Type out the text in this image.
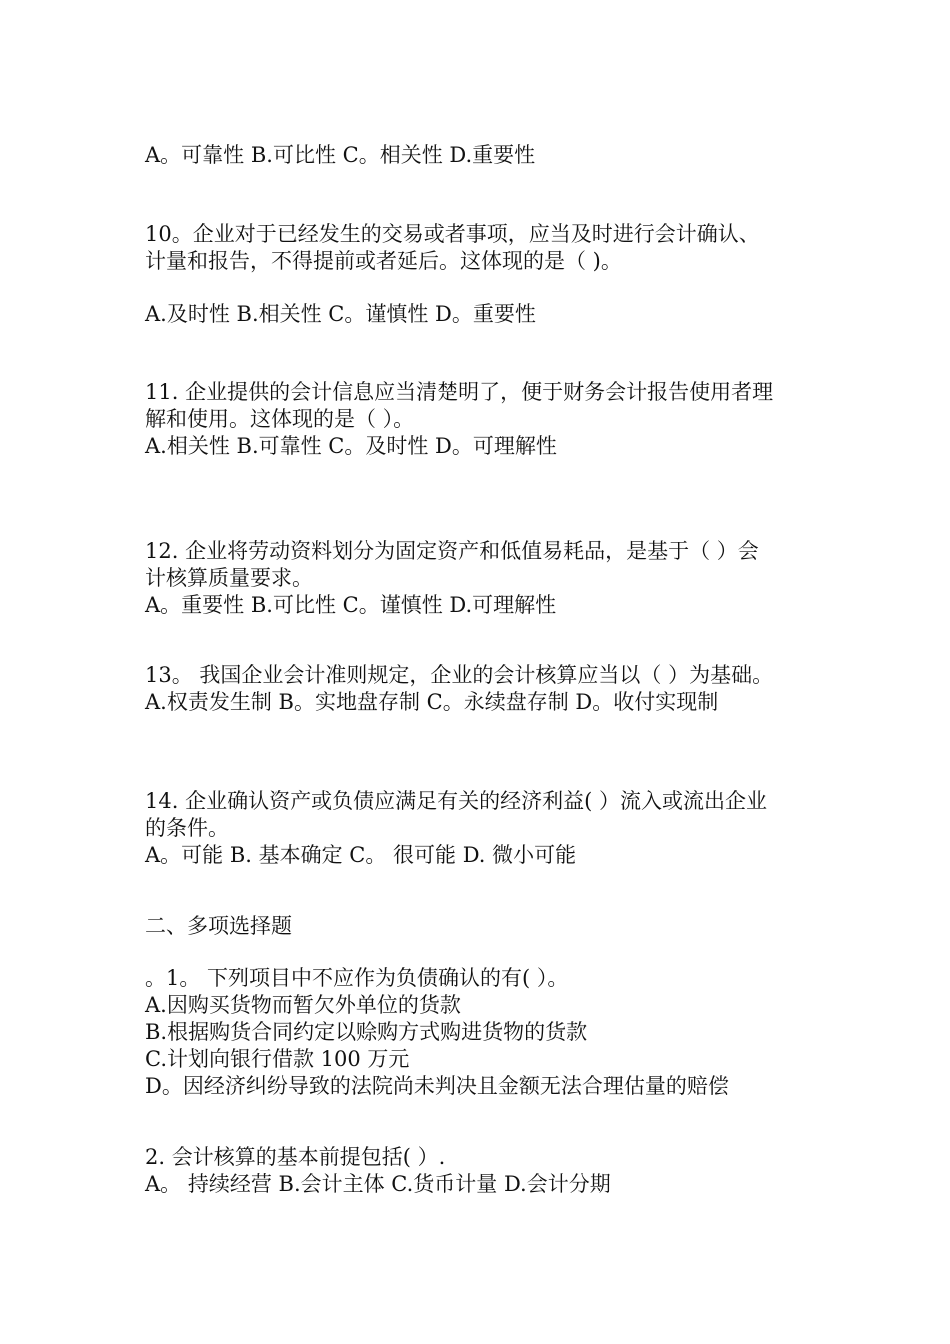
A。可靠性 B.可比性 C。相关性 D.重要性

10。企业对于已经发生的交易或者事项，应当及时进行会计确认、

计量和报告，不得提前或者延后。这体现的是（ )。

A.及时性 B.相关性 C。谨慎性 D。重要性

11. 企业提供的会计信息应当清楚明了，便于财务会计报告使用者理

解和使用。这体现的是（ ）。

A.相关性 B.可靠性 C。及时性 D。可理解性

12. 企业将劳动资料划分为固定资产和低值易耗品，是基于（ ）会

计核算质量要求。

A。重要性 B.可比性 C。谨慎性 D.可理解性

13。 我国企业会计准则规定，企业的会计核算应当以（ ）为基础。

A.权责发生制 B。实地盘存制 C。永续盘存制 D。收付实现制

14. 企业确认资产或负债应满足有关的经济利益( ）流入或流出企业

的条件。

A。可能 B. 基本确定 C。 很可能 D. 微小可能

二、多项选择题

。1。 下列项目中不应作为负债确认的有( ）。

A.因购买货物而暂欠外单位的货款

B.根据购货合同约定以赊购方式购进货物的货款

C.计划向银行借款 100 万元

D。因经济纠纷导致的法院尚未判决且金额无法合理估量的赔偿

2. 会计核算的基本前提包括( ）.

A。 持续经营 B.会计主体 C.货币计量 D.会计分期
